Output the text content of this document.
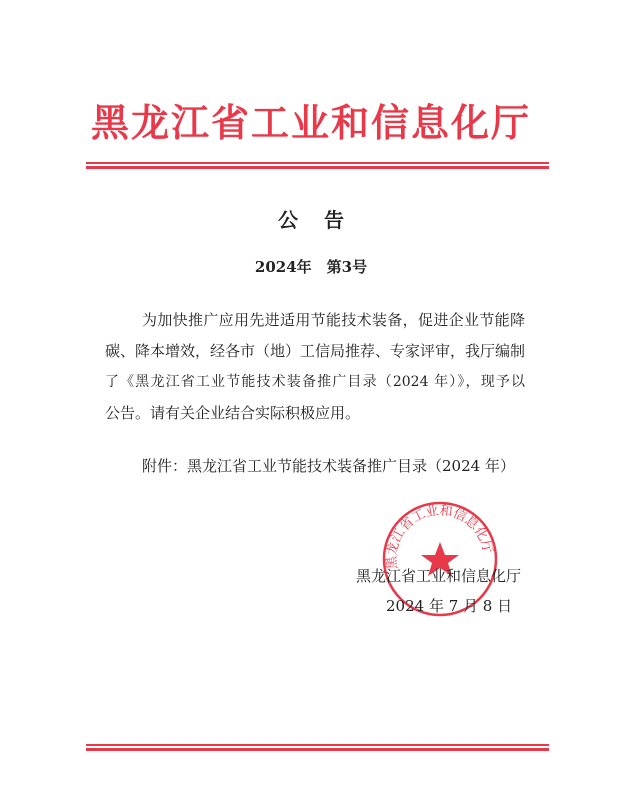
黑龙江省工业和信息化厅
公告
2024年　第3号
为加快推广应用先进适用节能技术装备，促进企业节能降
碳、降本增效，经各市（地）工信局推荐、专家评审，我厅编制
了《黑龙江省工业节能技术装备推广目录（2024 年）》，现予以
公告。请有关企业结合实际积极应用。
附件：黑龙江省工业节能技术装备推广目录（2024 年）
黑龙江省工业和信息化厅
黑龙江省工业和信息化厅
2024 年 7 月 8 日
